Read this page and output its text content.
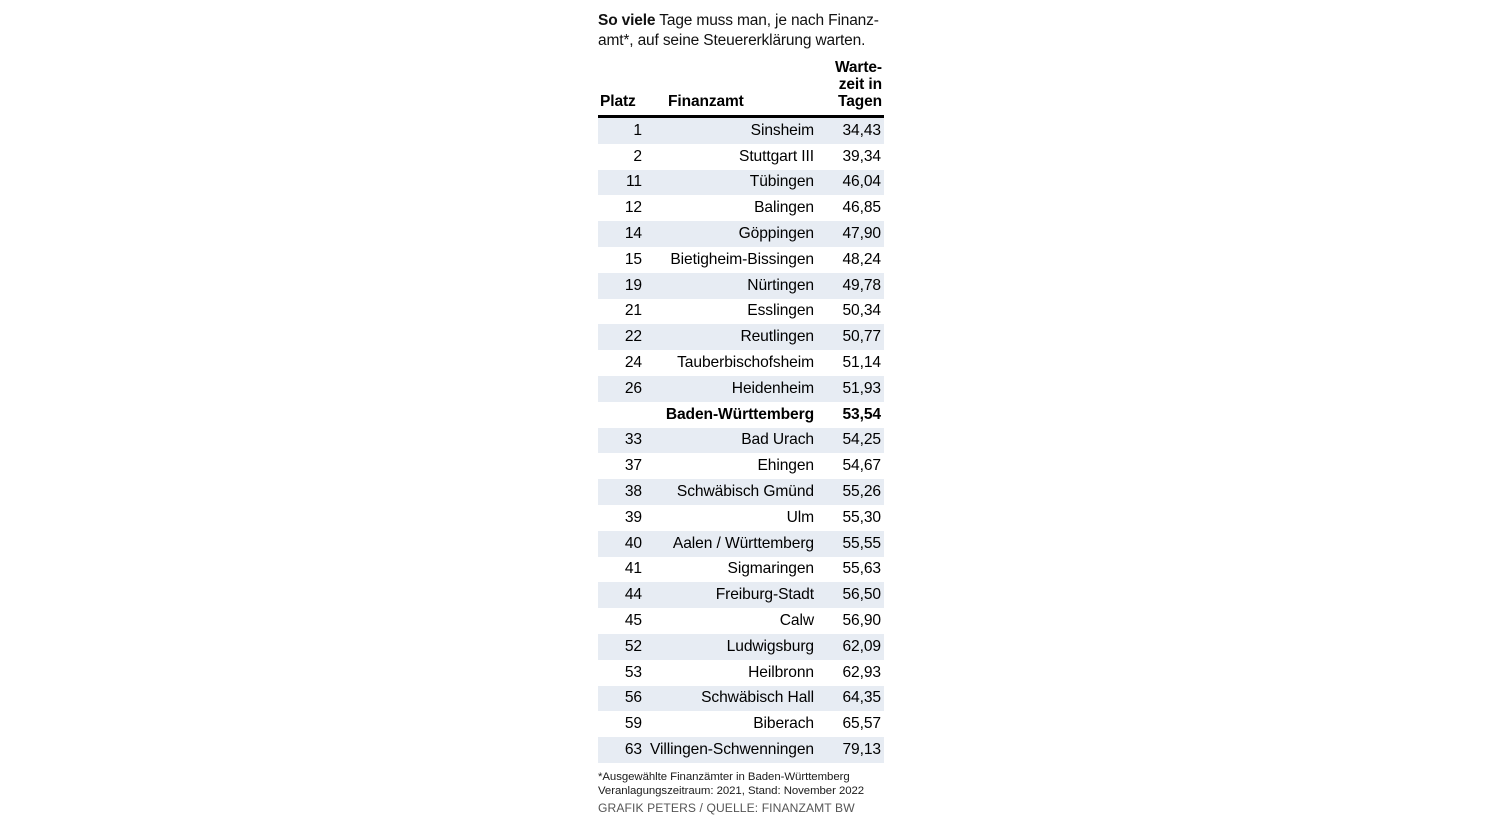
So viele Tage muss man, je nach Finanz-amt*, auf seine Steuererklärung warten.
Platz	Finanzamt	Warte-zeit in Tagen

1	Sinsheim	34,43
2	Stuttgart III	39,34
11	Tübingen	46,04
12	Balingen	46,85
14	Göppingen	47,90
15	Bietigheim-Bissingen	48,24
19	Nürtingen	49,78
21	Esslingen	50,34
22	Reutlingen	50,77
24	Tauberbischofsheim	51,14
26	Heidenheim	51,93
	Baden-Württemberg	53,54
33	Bad Urach	54,25
37	Ehingen	54,67
38	Schwäbisch Gmünd	55,26
39	Ulm	55,30
40	Aalen / Württemberg	55,55
41	Sigmaringen	55,63
44	Freiburg-Stadt	56,50
45	Calw	56,90
52	Ludwigsburg	62,09
53	Heilbronn	62,93
56	Schwäbisch Hall	64,35
59	Biberach	65,57
63	Villingen-Schwenningen	79,13
*Ausgewählte Finanzämter in Baden-Württemberg
Veranlagungszeitraum: 2021, Stand: November 2022
GRAFIK PETERS / QUELLE: FINANZAMT BW
